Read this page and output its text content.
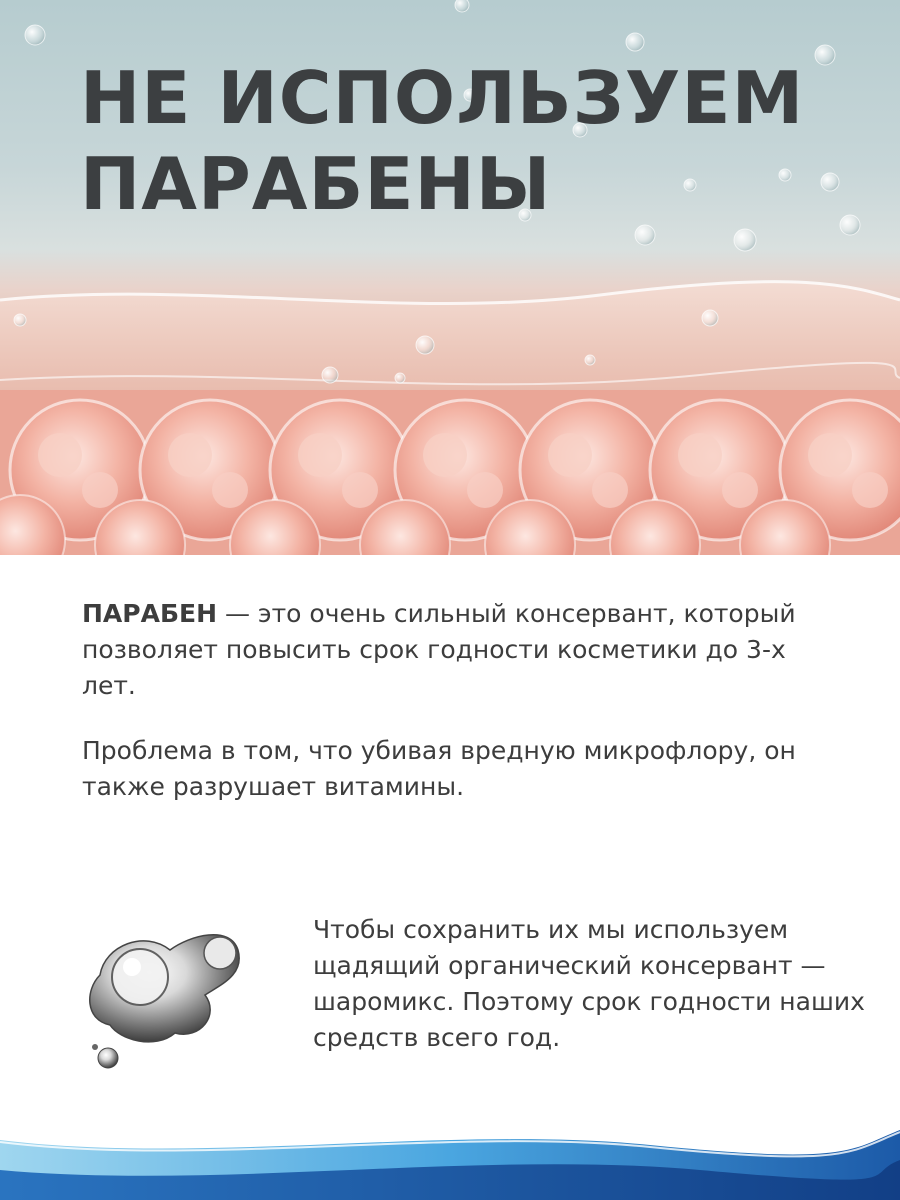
НЕ ИСПОЛЬЗУЕМ
ПАРАБЕНЫ

ПАРАБЕН — это очень сильный консервант, который позволяет повысить срок годности косметики до 3-х лет.

Проблема в том, что убивая вредную микрофлору, он также разрушает витамины.

Чтобы сохранить их мы используем щадящий органический консервант — шаромикс. Поэтому срок годности наших средств всего год.
